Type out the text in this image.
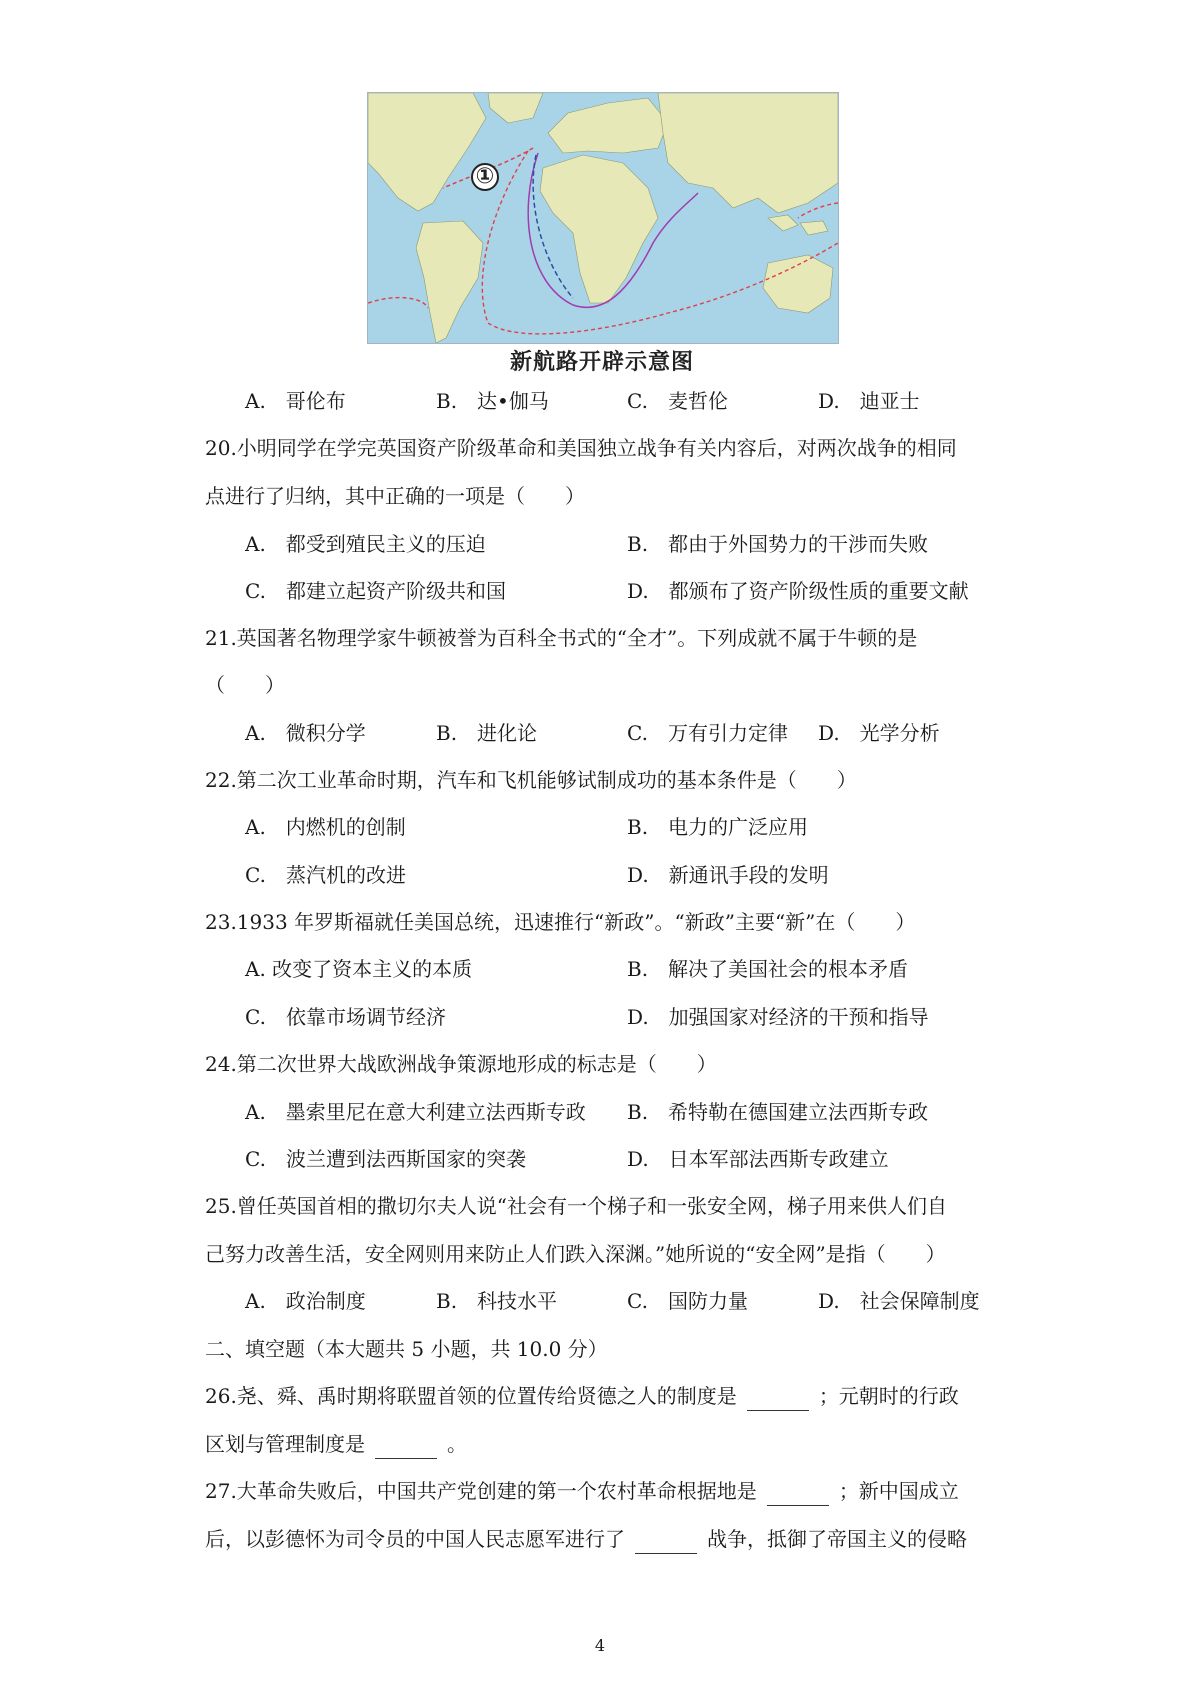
①
新航路开辟示意图
A.　哥伦布	B.　达•伽马	C.　麦哲伦	D.　迪亚士
20.小明同学在学完英国资产阶级革命和美国独立战争有关内容后，对两次战争的相同
点进行了归纳，其中正确的一项是（　　）
A.　都受到殖民主义的压迫	B.　都由于外国势力的干涉而失败
C.　都建立起资产阶级共和国	D.　都颁布了资产阶级性质的重要文献
21.英国著名物理学家牛顿被誉为百科全书式的“全才”。下列成就不属于牛顿的是
（　　）
A.　微积分学	B.　进化论	C.　万有引力定律 D.　光学分析
22.第二次工业革命时期，汽车和飞机能够试制成功的基本条件是（　　）
A.　内燃机的创制	B.　电力的广泛应用
C.　蒸汽机的改进	D.　新通讯手段的发明
23.1933 年罗斯福就任美国总统，迅速推行“新政”。“新政”主要“新”在（　　）
A. 改变了资本主义的本质	B.　解决了美国社会的根本矛盾
C.　依靠市场调节经济	D.　加强国家对经济的干预和指导
24.第二次世界大战欧洲战争策源地形成的标志是（　　）
A.　墨索里尼在意大利建立法西斯专政 B.　希特勒在德国建立法西斯专政
C.　波兰遭到法西斯国家的突袭	D.　日本军部法西斯专政建立
25.曾任英国首相的撒切尔夫人说“社会有一个梯子和一张安全网，梯子用来供人们自
己努力改善生活，安全网则用来防止人们跌入深渊。”她所说的“安全网”是指（　　）
A.　政治制度	B.　科技水平	C.　国防力量	D.　社会保障制度
二、填空题（本大题共 5 小题，共 10.0 分）
26.尧、舜、禹时期将联盟首领的位置传给贤德之人的制度是	；元朝时的行政
区划与管理制度是	。
27.大革命失败后，中国共产党创建的第一个农村革命根据地是	；新中国成立
后，以彭德怀为司令员的中国人民志愿军进行了	战争，抵御了帝国主义的侵略
4
